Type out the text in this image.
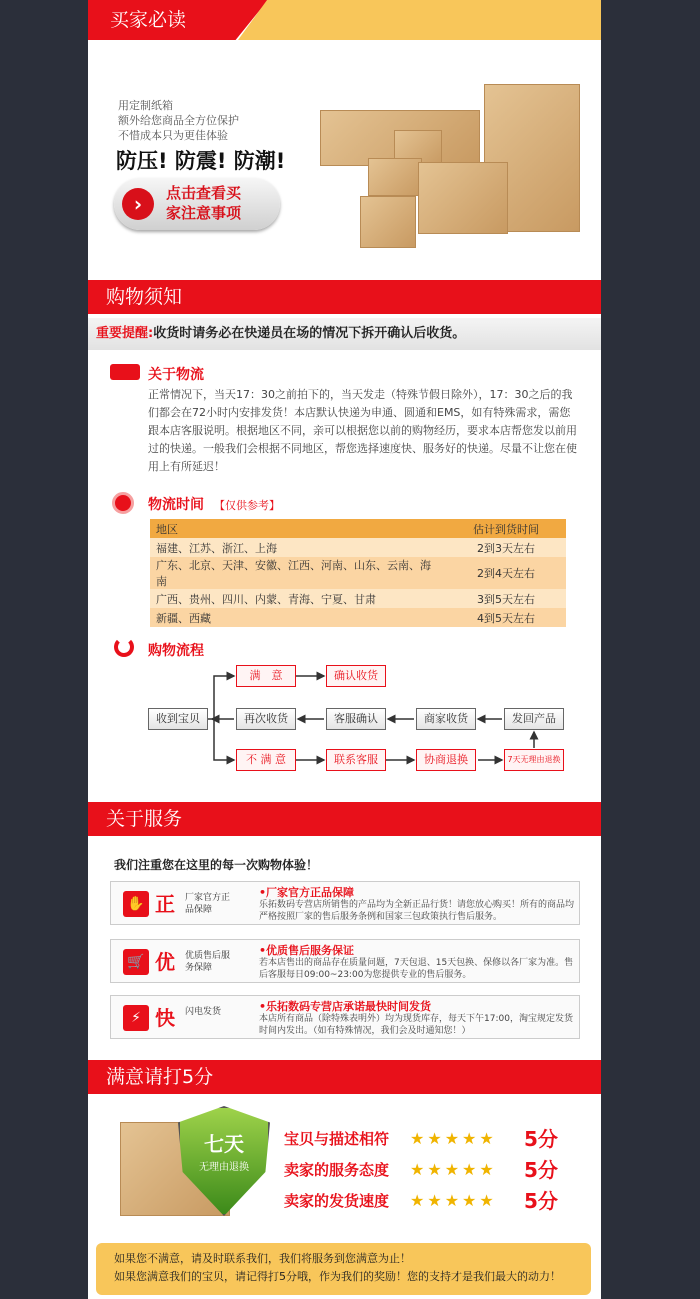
买家必读
用定制纸箱
额外给您商品全方位保护
不惜成本只为更佳体验
防压! 防震! 防潮!
›	点击查看买
家注意事项
购物须知
重要提醒:收货时请务必在快递员在场的情况下拆开确认后收货。
关于物流
正常情况下，当天17：30之前拍下的，当天发走（特殊节假日除外），17：30之后的我们都会在72小时内安排发货！本店默认快递为申通、圆通和EMS，如有特殊需求，需您跟本店客服说明。根据地区不同，亲可以根据您以前的购物经历，要求本店帮您发以前用过的快递。一般我们会根据不同地区，帮您选择速度快、服务好的快递。尽量不让您在使用上有所延迟！
物流时间 【仅供参考】
地区	估计到货时间
福建、江苏、浙江、上海	2到3天左右
广东、北京、天津、安徽、江西、河南、山东、云南、海南	2到4天左右
广西、贵州、四川、内蒙、青海、宁夏、甘肃	3到5天左右
新疆、西藏	4到5天左右
购物流程
收到宝贝
满　意	确认收货
再次收货	客服确认	商家收货	发回产品
不 满 意	联系客服	协商退换	7天无理由退换
关于服务
我们注重您在这里的每一次购物体验！
✋ 正 厂家官方正品保障
•厂家官方正品保障
乐拓数码专营店所销售的产品均为全新正品行货！请您放心购买！所有的商品均严格按照厂家的售后服务条例和国家三包政策执行售后服务。
🛒 优 优质售后服务保障
•优质售后服务保证
若本店售出的商品存在质量问题，7天包退、15天包换、保修以各厂家为准。售后客服每日09:00~23:00为您提供专业的售后服务。
⚡ 快 闪电发货	•乐拓数码专营店承诺最快时间发货
本店所有商品（除特殊表明外）均为现货库存，每天下午17:00，淘宝规定发货时间内发出。（如有特殊情况，我们会及时通知您！）
满意请打5分
七天
无理由退换
宝贝与描述相符 ★★★★★ 5分
卖家的服务态度 ★★★★★ 5分
卖家的发货速度 ★★★★★ 5分
如果您不满意，请及时联系我们，我们将服务到您满意为止！
如果您满意我们的宝贝，请记得打5分哦，作为我们的奖励！您的支持才是我们最大的动力！
